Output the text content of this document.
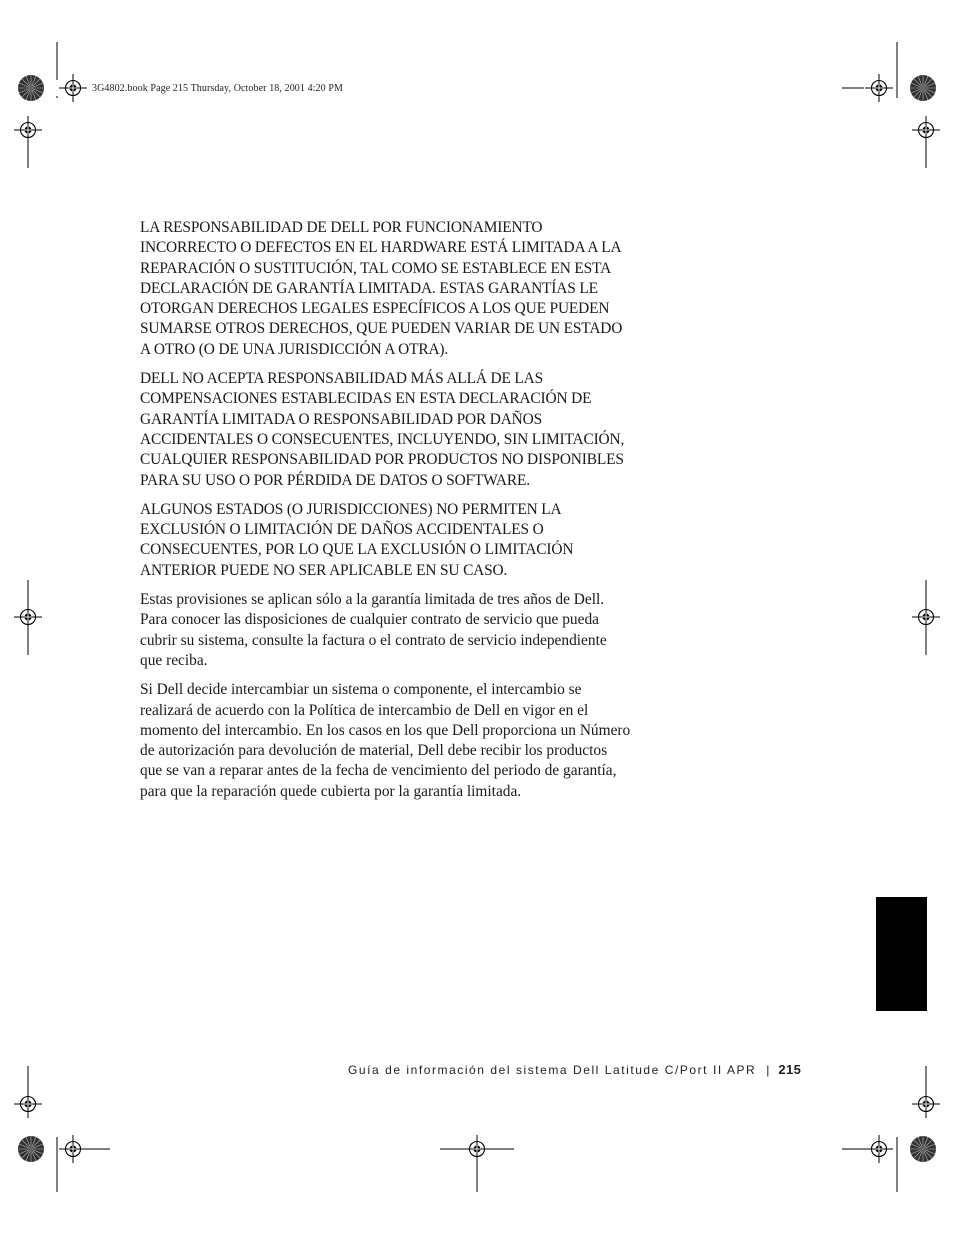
3G4802.book Page 215 Thursday, October 18, 2001 4:20 PM

LA RESPONSABILIDAD DE DELL POR FUNCIONAMIENTO INCORRECTO O DEFECTOS EN EL HARDWARE ESTÁ LIMITADA A LA REPARACIÓN O SUSTITUCIÓN, TAL COMO SE ESTABLECE EN ESTA DECLARACIÓN DE GARANTÍA LIMITADA. ESTAS GARANTÍAS LE OTORGAN DERECHOS LEGALES ESPECÍFICOS A LOS QUE PUEDEN SUMARSE OTROS DERECHOS, QUE PUEDEN VARIAR DE UN ESTADO A OTRO (O DE UNA JURISDICCIÓN A OTRA).

DELL NO ACEPTA RESPONSABILIDAD MÁS ALLÁ DE LAS COMPENSACIONES ESTABLECIDAS EN ESTA DECLARACIÓN DE GARANTÍA LIMITADA O RESPONSABILIDAD POR DAÑOS ACCIDENTALES O CONSECUENTES, INCLUYENDO, SIN LIMITACIÓN, CUALQUIER RESPONSABILIDAD POR PRODUCTOS NO DISPONIBLES PARA SU USO O POR PÉRDIDA DE DATOS O SOFTWARE.

ALGUNOS ESTADOS (O JURISDICCIONES) NO PERMITEN LA EXCLUSIÓN O LIMITACIÓN DE DAÑOS ACCIDENTALES O CONSECUENTES, POR LO QUE LA EXCLUSIÓN O LIMITACIÓN ANTERIOR PUEDE NO SER APLICABLE EN SU CASO.

Estas provisiones se aplican sólo a la garantía limitada de tres años de Dell. Para conocer las disposiciones de cualquier contrato de servicio que pueda cubrir su sistema, consulte la factura o el contrato de servicio independiente que reciba.

Si Dell decide intercambiar un sistema o componente, el intercambio se realizará de acuerdo con la Política de intercambio de Dell en vigor en el momento del intercambio. En los casos en los que Dell proporciona un Número de autorización para devolución de material, Dell debe recibir los productos que se van a reparar antes de la fecha de vencimiento del periodo de garantía, para que la reparación quede cubierta por la garantía limitada.

Guía de información del sistema Dell Latitude C/Port II APR | 215
